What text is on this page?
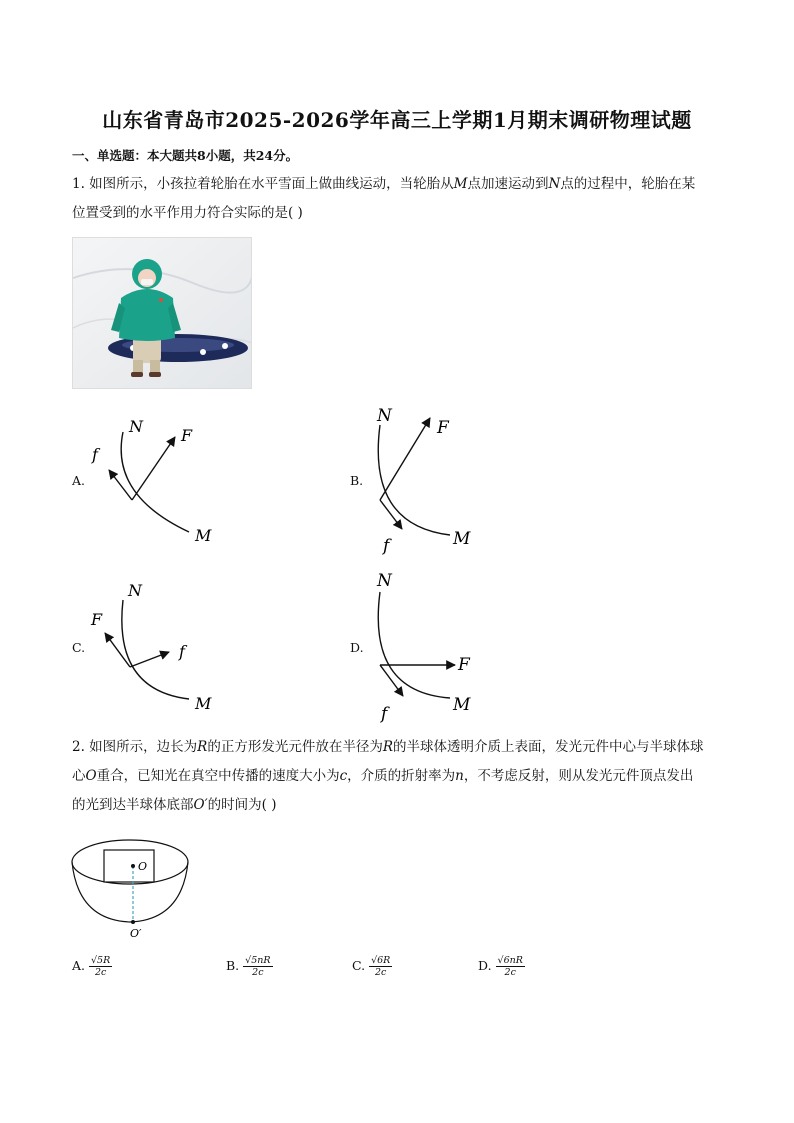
山东省青岛市2025-2026学年高三上学期1月期末调研物理试题
一、单选题：本大题共8小题，共24分。
1. 如图所示，小孩拉着轮胎在水平雪面上做曲线运动，当轮胎从M点加速运动到N点的过程中，轮胎在某
位置受到的水平作用力符合实际的是( )
A.
N F
f
M
B.
N
F
f	M
C.
N
F
f
M
D.
N
F
f	M
2. 如图所示，边长为R的正方形发光元件放在半径为R的半球体透明介质上表面，发光元件中心与半球体球
心O重合，已知光在真空中传播的速度大小为c，介质的折射率为n，不考虑反射，则从发光元件顶点发出
的光到达半球体底部O′的时间为( )
O
O′
A. $\frac{√5R}{2c}$	B. $\frac{√5nR}{2c}$	C. $\frac{√6R}{2c}$	D. $\frac{√6nR}{2c}$
